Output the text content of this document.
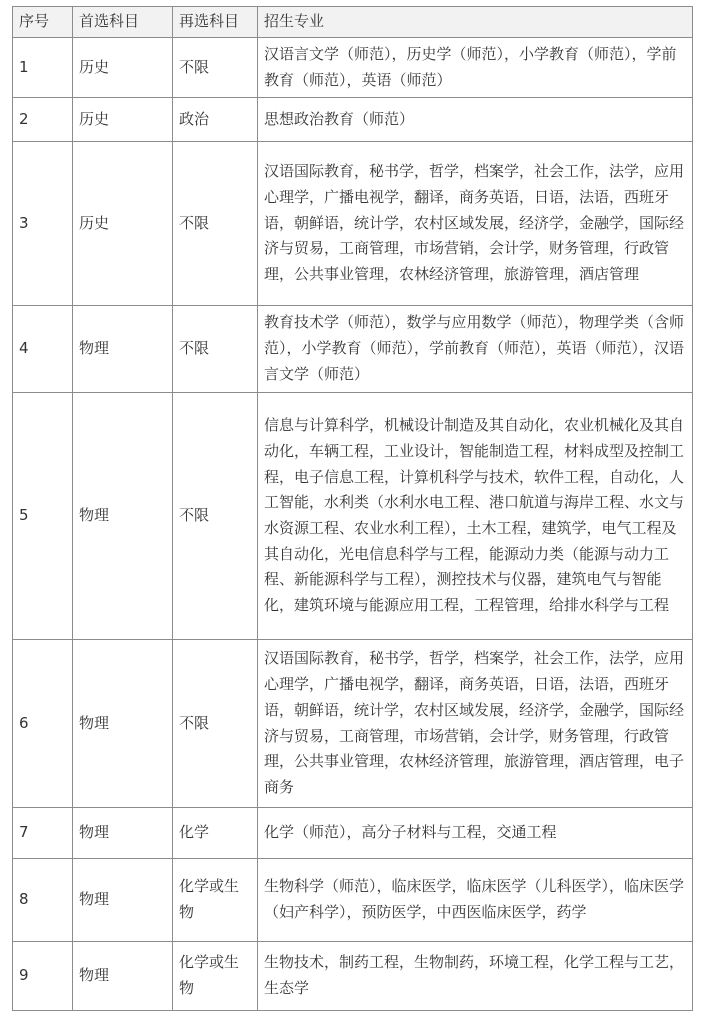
序号	首选科目	再选科目	招生专业
1	历史	不限	汉语言文学（师范），历史学（师范），小学教育（师范），学前教育（师范），英语（师范）
2	历史	政治	思想政治教育（师范）
3	历史	不限	汉语国际教育，秘书学，哲学，档案学，社会工作，法学，应用心理学，广播电视学，翻译，商务英语，日语，法语，西班牙语，朝鲜语，统计学，农村区域发展，经济学，金融学，国际经济与贸易，工商管理，市场营销，会计学，财务管理，行政管理，公共事业管理，农林经济管理，旅游管理，酒店管理
4	物理	不限	教育技术学（师范），数学与应用数学（师范），物理学类（含师范），小学教育（师范），学前教育（师范），英语（师范），汉语言文学（师范）
5	物理	不限	信息与计算科学，机械设计制造及其自动化，农业机械化及其自动化，车辆工程，工业设计，智能制造工程，材料成型及控制工程，电子信息工程，计算机科学与技术，软件工程，自动化，人工智能，水利类（水利水电工程、港口航道与海岸工程、水文与水资源工程、农业水利工程），土木工程，建筑学，电气工程及其自动化，光电信息科学与工程，能源动力类（能源与动力工程、新能源科学与工程），测控技术与仪器，建筑电气与智能化，建筑环境与能源应用工程，工程管理，给排水科学与工程
6	物理	不限	汉语国际教育，秘书学，哲学，档案学，社会工作，法学，应用心理学，广播电视学，翻译，商务英语，日语，法语，西班牙语，朝鲜语，统计学，农村区域发展，经济学，金融学，国际经济与贸易，工商管理，市场营销，会计学，财务管理，行政管理，公共事业管理，农林经济管理，旅游管理，酒店管理，电子商务
7	物理	化学	化学（师范），高分子材料与工程，交通工程
8	物理	化学或生物	生物科学（师范），临床医学，临床医学（儿科医学），临床医学（妇产科学），预防医学，中西医临床医学，药学
9	物理	化学或生物	生物技术，制药工程，生物制药，环境工程，化学工程与工艺，生态学
